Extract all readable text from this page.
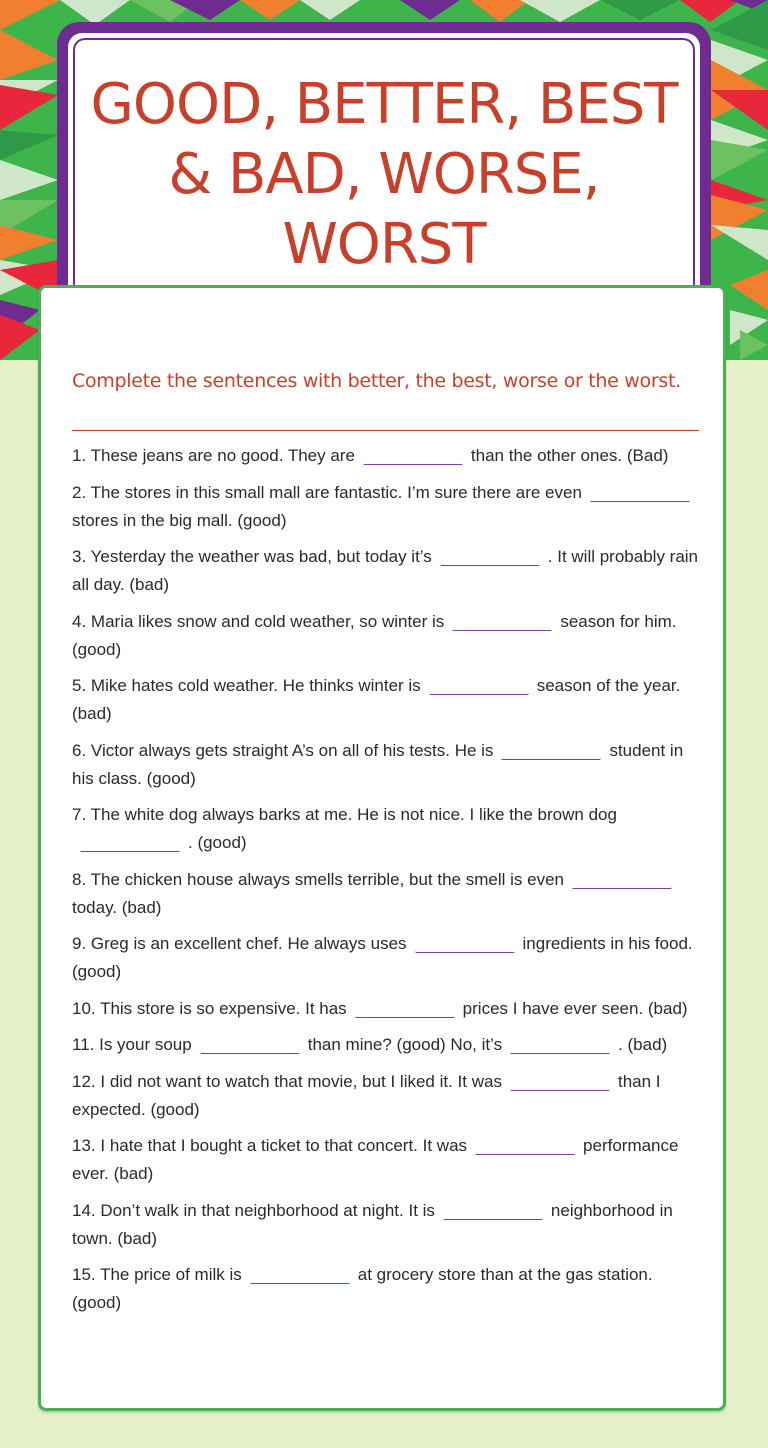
GOOD, BETTER, BEST & BAD, WORSE, WORST
Complete the sentences with better, the best, worse or the worst.
1. These jeans are no good. They are	than the other ones. (Bad)
2. The stores in this small mall are fantastic. I’m sure there are evenstores in the big mall. (good)
3. Yesterday the weather was bad, but today it’s	. It will probably rain all day. (bad)
4. Maria likes snow and cold weather, so winter is	season for him. (good)
5. Mike hates cold weather. He thinks winter is	season of the year. (bad)
6. Victor always gets straight A’s on all of his tests. He is	student in his class. (good)
7. The white dog always barks at me. He is not nice. I like the brown dog. (good)
8. The chicken house always smells terrible, but the smell is eventoday. (bad)
9. Greg is an excellent chef. He always uses	ingredients in his food. (good)
10. This store is so expensive. It has	prices I have ever seen. (bad)
11. Is your soup	than mine? (good) No, it’s	. (bad)
12. I did not want to watch that movie, but I liked it. It was	than I expected. (good)
13. I hate that I bought a ticket to that concert. It was	performance ever. (bad)
14. Don’t walk in that neighborhood at night. It is	neighborhood in town. (bad)
15. The price of milk is	at grocery store than at the gas station. (good)
